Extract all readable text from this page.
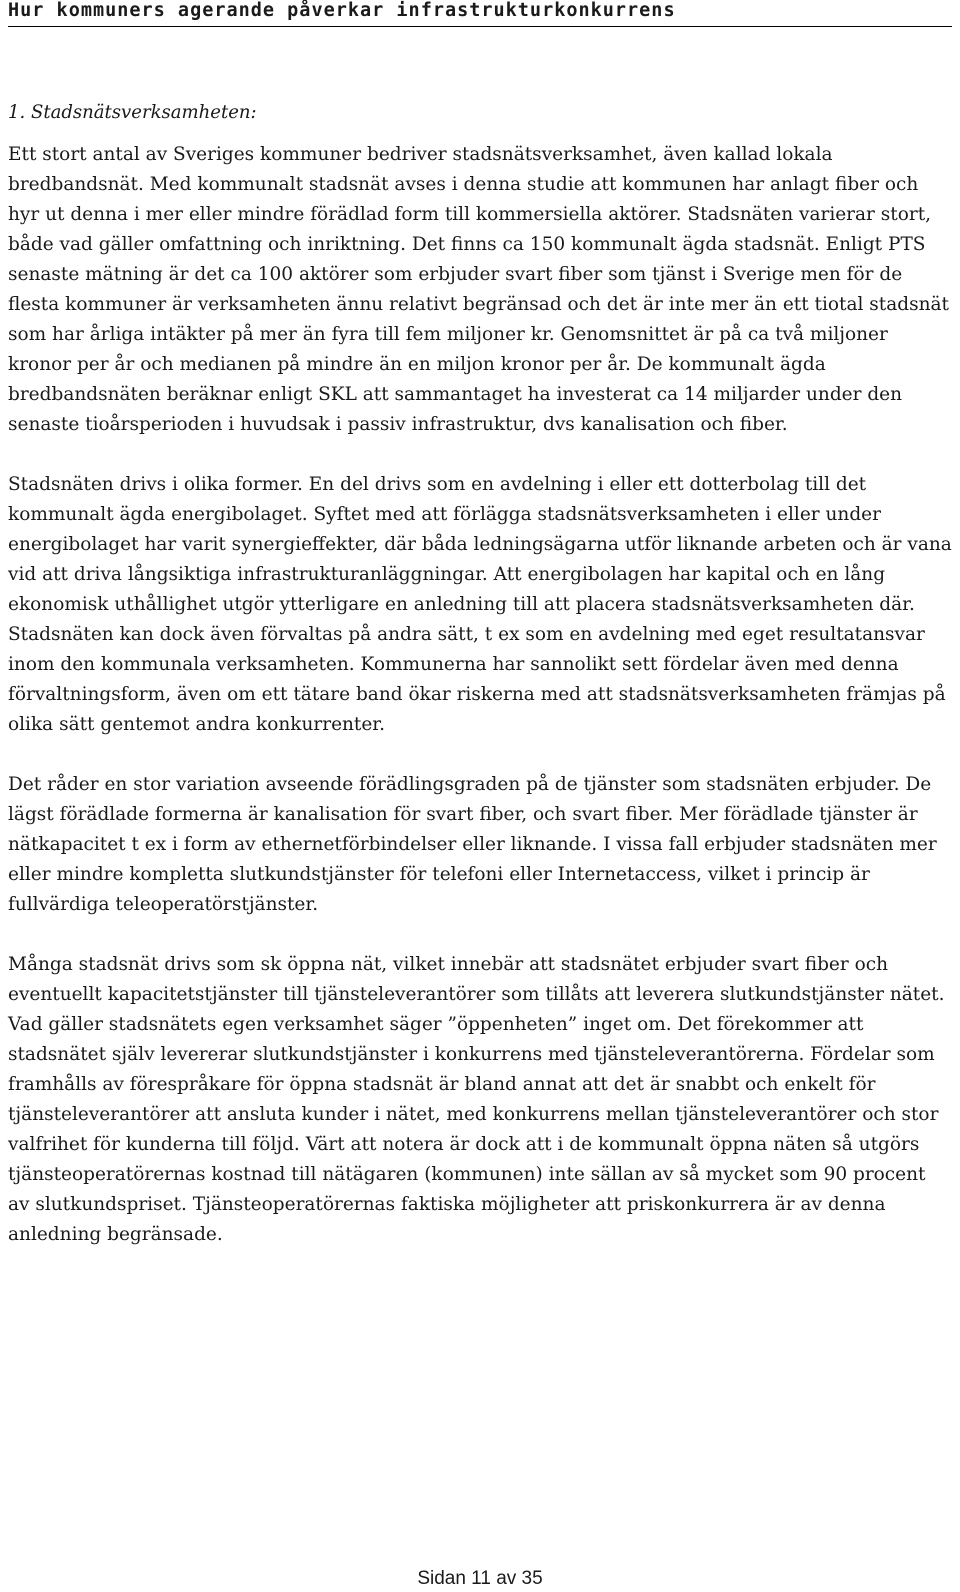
Hur kommuners agerande påverkar infrastrukturkonkurrens
1. Stadsnätsverksamheten:

Ett stort antal av Sveriges kommuner bedriver stadsnätsverksamhet, även kallad lokala bredbandsnät. Med kommunalt stadsnät avses i denna studie att kommunen har anlagt fiber och hyr ut denna i mer eller mindre förädlad form till kommersiella aktörer. Stadsnäten varierar stort, både vad gäller omfattning och inriktning. Det finns ca 150 kommunalt ägda stadsnät. Enligt PTS senaste mätning är det ca 100 aktörer som erbjuder svart fiber som tjänst i Sverige men för de flesta kommuner är verksamheten ännu relativt begränsad och det är inte mer än ett tiotal stadsnät som har årliga intäkter på mer än fyra till fem miljoner kr. Genomsnittet är på ca två miljoner kronor per år och medianen på mindre än en miljon kronor per år. De kommunalt ägda bredbandsnäten beräknar enligt SKL att sammantaget ha investerat ca 14 miljarder under den senaste tioårsperioden i huvudsak i passiv infrastruktur, dvs kanalisation och fiber.

Stadsnäten drivs i olika former. En del drivs som en avdelning i eller ett dotterbolag till det kommunalt ägda energibolaget. Syftet med att förlägga stadsnätsverksamheten i eller under energibolaget har varit synergieffekter, där båda ledningsägarna utför liknande arbeten och är vana vid att driva långsiktiga infrastrukturanläggningar. Att energibolagen har kapital och en lång ekonomisk uthållighet utgör ytterligare en anledning till att placera stadsnätsverksamheten där. Stadsnäten kan dock även förvaltas på andra sätt, t ex som en avdelning med eget resultatansvar inom den kommunala verksamheten. Kommunerna har sannolikt sett fördelar även med denna förvaltningsform, även om ett tätare band ökar riskerna med att stadsnätsverksamheten främjas på olika sätt gentemot andra konkurrenter.

Det råder en stor variation avseende förädlingsgraden på de tjänster som stadsnäten erbjuder. De lägst förädlade formerna är kanalisation för svart fiber, och svart fiber. Mer förädlade tjänster är nätkapacitet t ex i form av ethernetförbindelser eller liknande. I vissa fall erbjuder stadsnäten mer eller mindre kompletta slutkundstjänster för telefoni eller Internetaccess, vilket i princip är fullvärdiga teleoperatörstjänster.

Många stadsnät drivs som sk öppna nät, vilket innebär att stadsnätet erbjuder svart fiber och eventuellt kapacitetstjänster till tjänsteleverantörer som tillåts att leverera slutkundstjänster nätet. Vad gäller stadsnätets egen verksamhet säger ”öppenheten” inget om. Det förekommer att stadsnätet själv levererar slutkundstjänster i konkurrens med tjänsteleverantörerna. Fördelar som framhålls av förespråkare för öppna stadsnät är bland annat att det är snabbt och enkelt för tjänsteleverantörer att ansluta kunder i nätet, med konkurrens mellan tjänsteleverantörer och stor valfrihet för kunderna till följd. Värt att notera är dock att i de kommunalt öppna näten så utgörs tjänsteoperatörernas kostnad till nätägaren (kommunen) inte sällan av så mycket som 90 procent av slutkundspriset. Tjänsteoperatörernas faktiska möjligheter att priskonkurrera är av denna anledning begränsade.

Sidan 11 av 35
